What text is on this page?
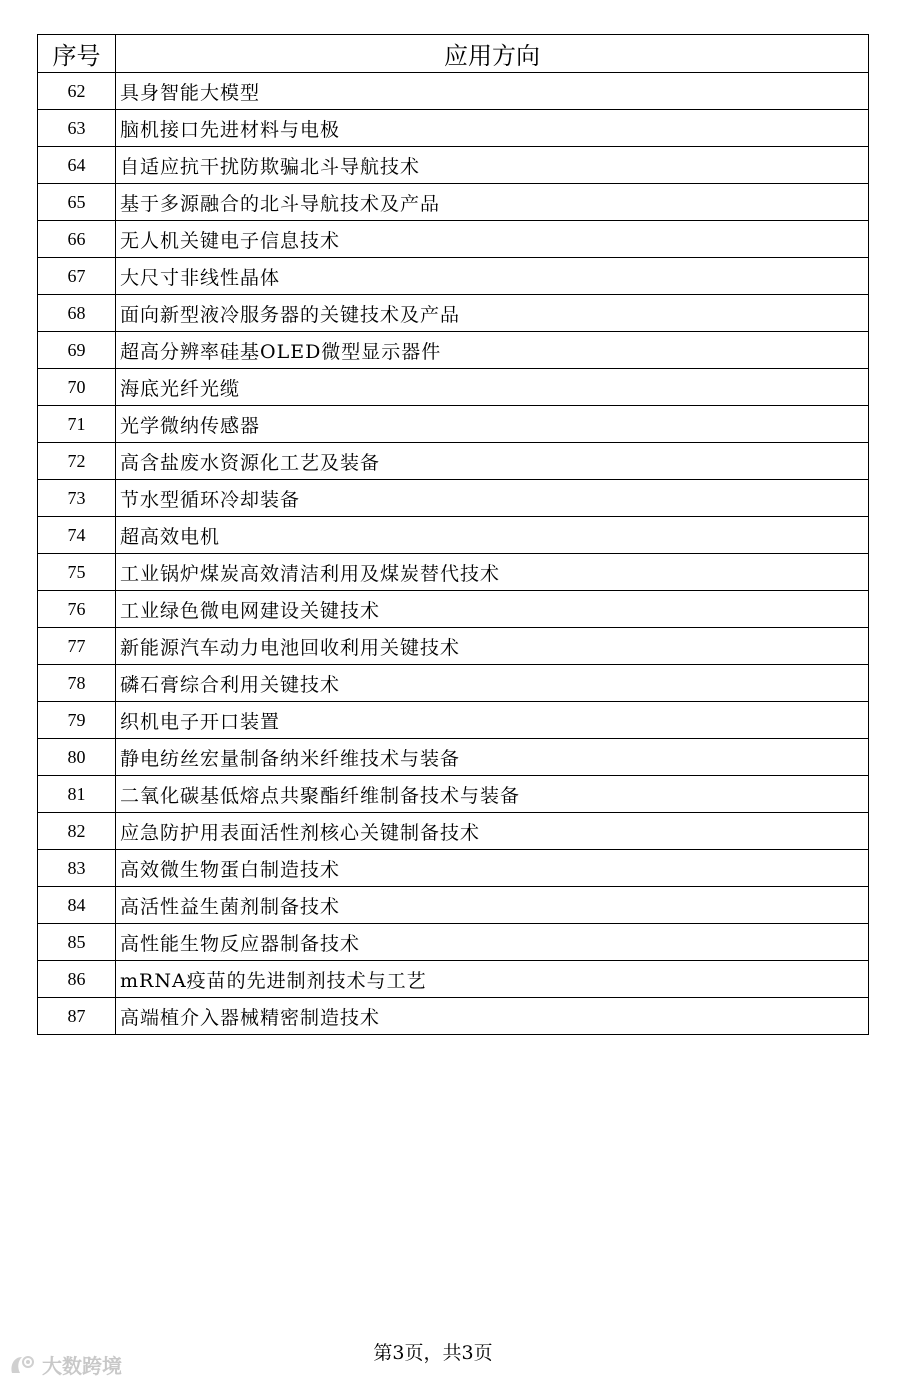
序号	应用方向
62	具身智能大模型
63	脑机接口先进材料与电极
64	自适应抗干扰防欺骗北斗导航技术
65	基于多源融合的北斗导航技术及产品
66	无人机关键电子信息技术
67	大尺寸非线性晶体
68	面向新型液冷服务器的关键技术及产品
69	超高分辨率硅基OLED微型显示器件
70	海底光纤光缆
71	光学微纳传感器
72	高含盐废水资源化工艺及装备
73	节水型循环冷却装备
74	超高效电机
75	工业锅炉煤炭高效清洁利用及煤炭替代技术
76	工业绿色微电网建设关键技术
77	新能源汽车动力电池回收利用关键技术
78	磷石膏综合利用关键技术
79	织机电子开口装置
80	静电纺丝宏量制备纳米纤维技术与装备
81	二氧化碳基低熔点共聚酯纤维制备技术与装备
82	应急防护用表面活性剂核心关键制备技术
83	高效微生物蛋白制造技术
84	高活性益生菌剂制备技术
85	高性能生物反应器制备技术
86	mRNA疫苗的先进制剂技术与工艺
87	高端植介入器械精密制造技术
第3页，共3页
大数跨境
